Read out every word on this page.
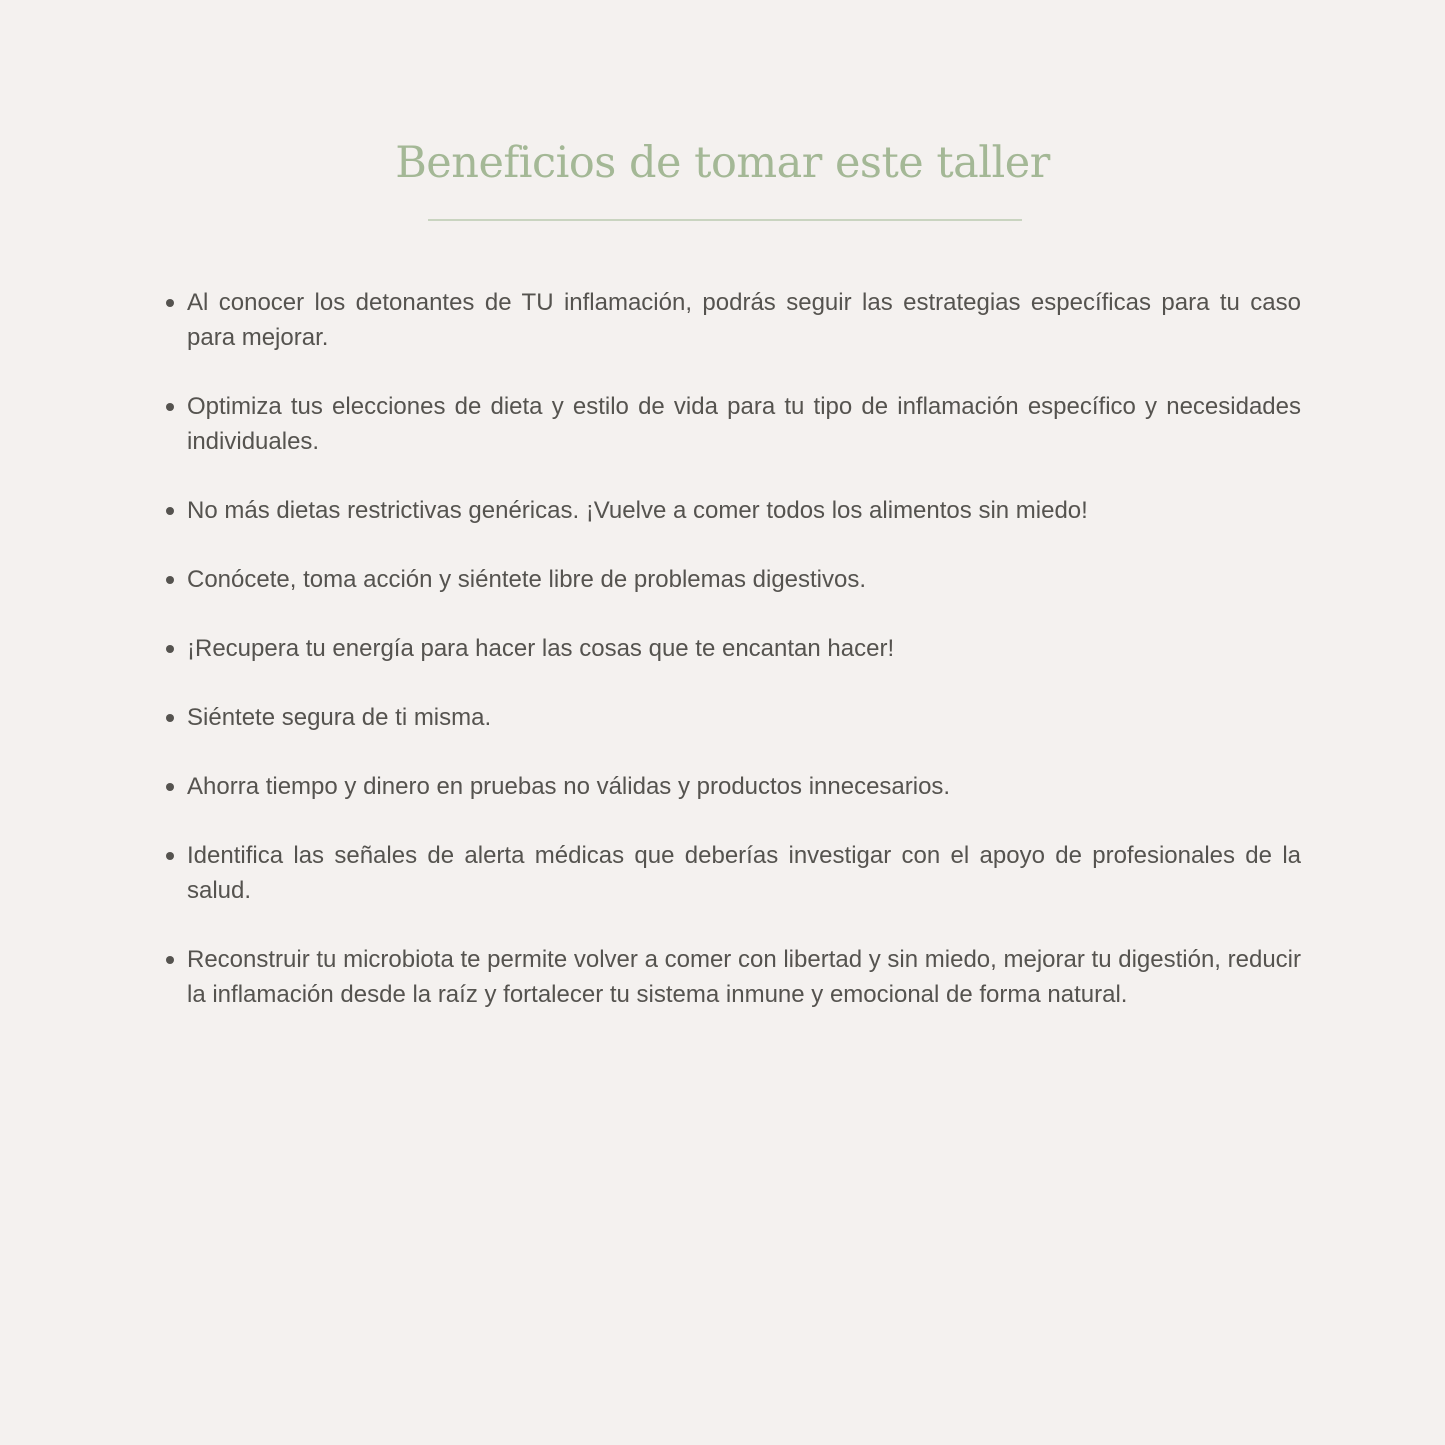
Beneficios de tomar este taller
Al conocer los detonantes de TU inflamación, podrás seguir las estrategias específicas para tu caso para mejorar.
Optimiza tus elecciones de dieta y estilo de vida para tu tipo de inflamación específico y necesidades individuales.
No más dietas restrictivas genéricas. ¡Vuelve a comer todos los alimentos sin miedo!
Conócete, toma acción y siéntete libre de problemas digestivos.
¡Recupera tu energía para hacer las cosas que te encantan hacer!
Siéntete segura de ti misma.
Ahorra tiempo y dinero en pruebas no válidas y productos innecesarios.
Identifica las señales de alerta médicas que deberías investigar con el apoyo de profesionales de la salud.
Reconstruir tu microbiota te permite volver a comer con libertad y sin miedo, mejorar tu digestión, reducir la inflamación desde la raíz y fortalecer tu sistema inmune y emocional de forma natural.
